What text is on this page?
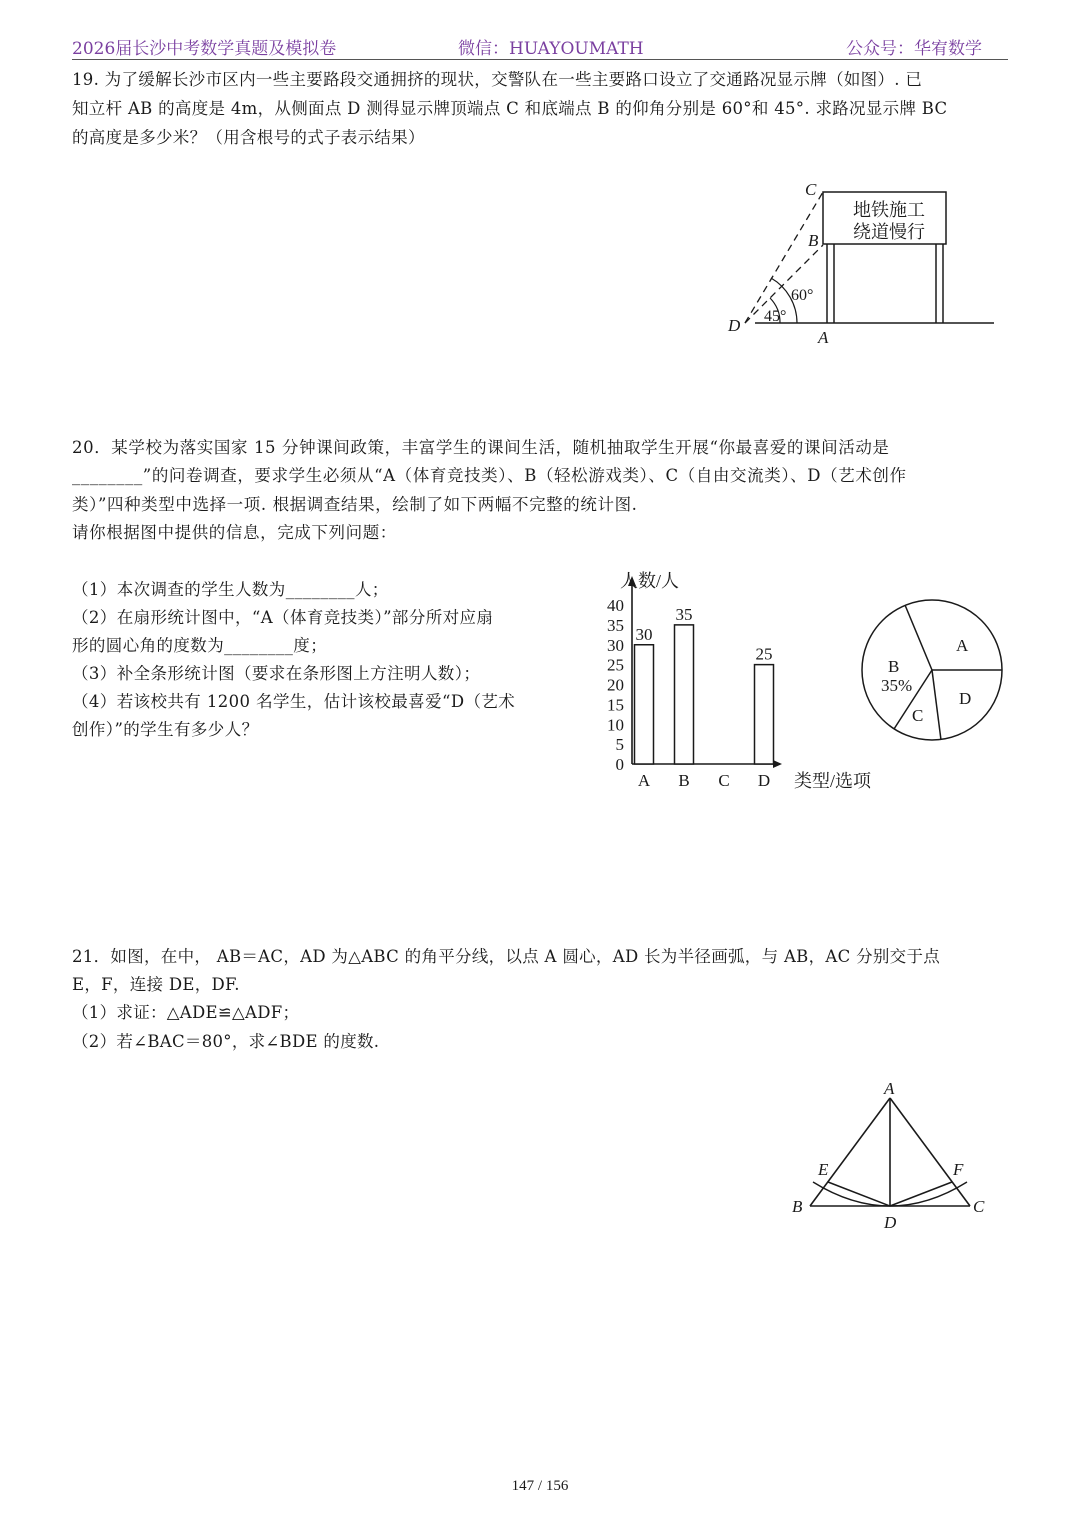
2026届长沙中考数学真题及模拟卷	微信：HUAYOUMATH	公众号：华宥数学
19. 为了缓解长沙市区内一些主要路段交通拥挤的现状，交警队在一些主要路口设立了交通路况显示牌（如图）. 已
知立杆 AB 的高度是 4m，从侧面点 D 测得显示牌顶端点 C 和底端点 B 的仰角分别是 60°和 45°. 求路况显示牌 BC
的高度是多少米？（用含根号的式子表示结果）
地铁施工
绕道慢行
60°
45°
C
B
D
A
20．某学校为落实国家 15 分钟课间政策，丰富学生的课间生活，随机抽取学生开展“你最喜爱的课间活动是
________”的问卷调查，要求学生必须从“A（体育竞技类）、B（轻松游戏类）、C（自由交流类）、D（艺术创作
类）”四种类型中选择一项. 根据调查结果，绘制了如下两幅不完整的统计图.
请你根据图中提供的信息，完成下列问题：
（1）本次调查的学生人数为________人；
（2）在扇形统计图中，“A（体育竞技类）”部分所对应扇
形的圆心角的度数为________度；
（3）补全条形统计图（要求在条形图上方注明人数）；
（4）若该校共有 1200 名学生，估计该校最喜爱“D（艺术
创作）”的学生有多少人？
0
5
10
15
20
25
30
35
40
30
35
25
A B C D
人数/人
类型/选项
A
B
35%
C
D
21．如图，在中， AB＝AC，AD 为△ABC 的角平分线，以点 A 圆心，AD 长为半径画弧，与 AB，AC 分别交于点
E，F，连接 DE，DF.
（1）求证：△ADE≌△ADF；
（2）若∠BAC＝80°，求∠BDE 的度数.
A
B	C
D
E	F
147 / 156
